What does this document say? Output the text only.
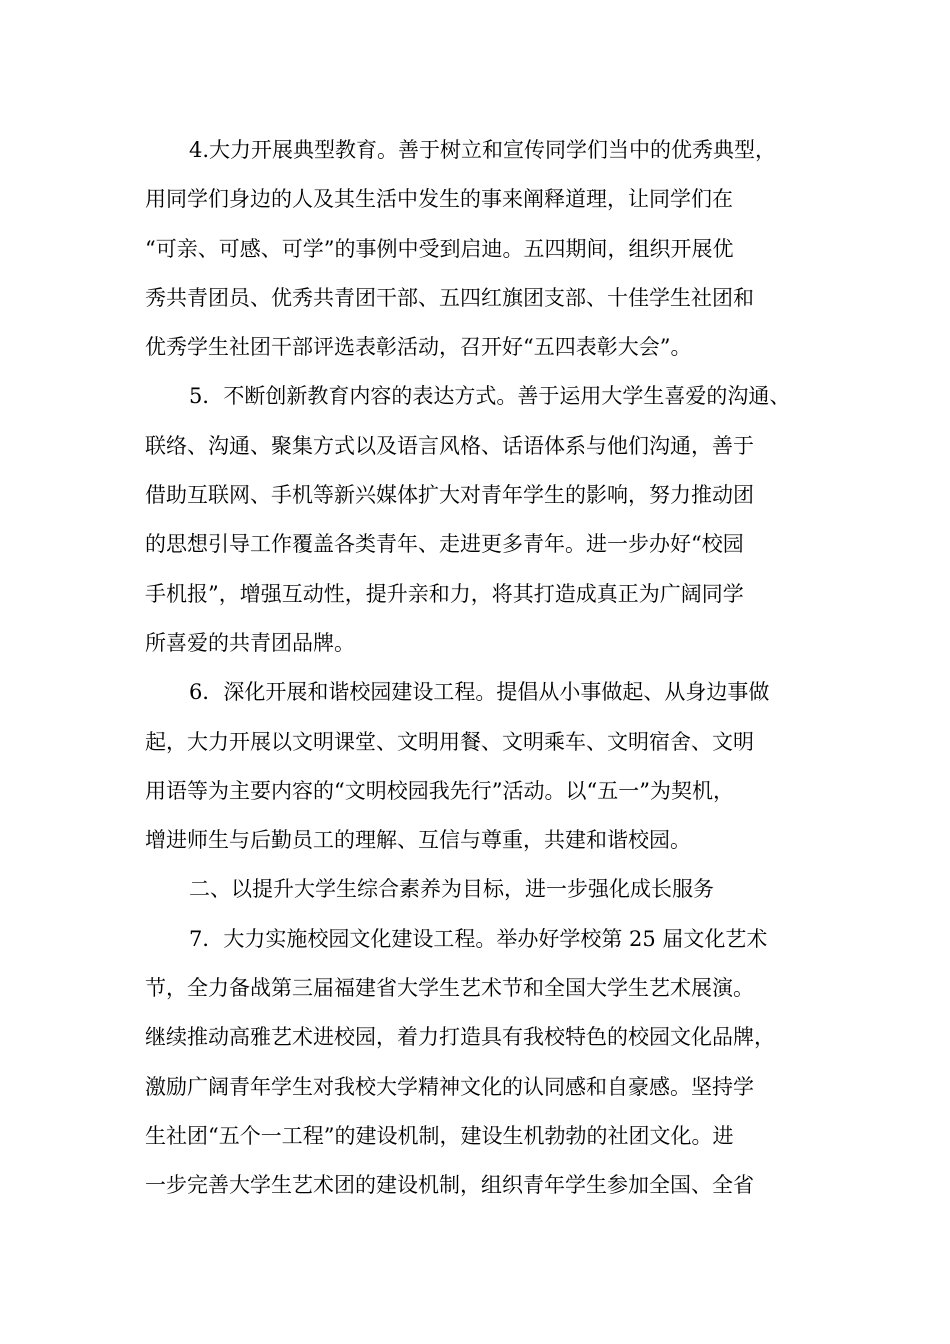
4.大力开展典型教育。善于树立和宣传同学们当中的优秀典型，
用同学们身边的人及其生活中发生的事来阐释道理，让同学们在
“可亲、可感、可学”的事例中受到启迪。五四期间，组织开展优
秀共青团员、优秀共青团干部、五四红旗团支部、十佳学生社团和
优秀学生社团干部评选表彰活动，召开好“五四表彰大会”。
5．不断创新教育内容的表达方式。善于运用大学生喜爱的沟通、
联络、沟通、聚集方式以及语言风格、话语体系与他们沟通，善于
借助互联网、手机等新兴媒体扩大对青年学生的影响，努力推动团
的思想引导工作覆盖各类青年、走进更多青年。进一步办好“校园
手机报”，增强互动性，提升亲和力，将其打造成真正为广阔同学
所喜爱的共青团品牌。
6．深化开展和谐校园建设工程。提倡从小事做起、从身边事做
起，大力开展以文明课堂、文明用餐、文明乘车、文明宿舍、文明
用语等为主要内容的“文明校园我先行”活动。以“五一”为契机，
增进师生与后勤员工的理解、互信与尊重，共建和谐校园。
二、以提升大学生综合素养为目标，进一步强化成长服务
7．大力实施校园文化建设工程。举办好学校第 25 届文化艺术
节，全力备战第三届福建省大学生艺术节和全国大学生艺术展演。
继续推动高雅艺术进校园，着力打造具有我校特色的校园文化品牌，
激励广阔青年学生对我校大学精神文化的认同感和自豪感。坚持学
生社团“五个一工程”的建设机制，建设生机勃勃的社团文化。进
一步完善大学生艺术团的建设机制，组织青年学生参加全国、全省
